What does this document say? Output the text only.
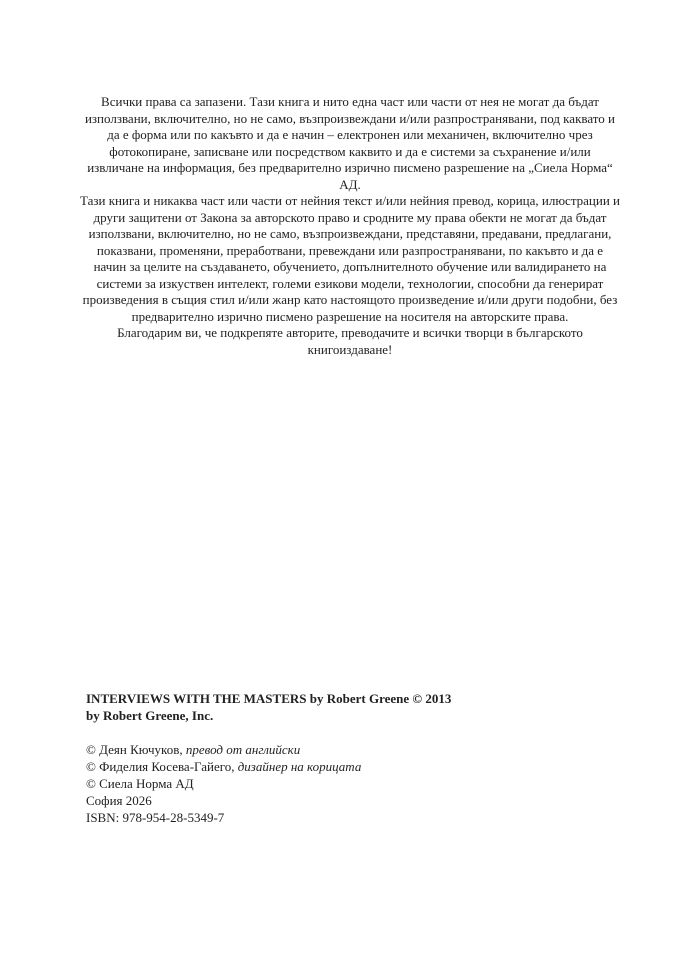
Всички права са запазени. Тази книга и нито една част или части от нея не могат да бъдат използвани, включително, но не само, възпроизвеждани и/или разпространявани, под каквато и да е форма или по какъвто и да е начин – електронен или механичен, включително чрез фотокопиране, записване или посредством каквито и да е системи за съхранение и/или извличане на информация, без предварително изрично писмено разрешение на „Сиела Норма“ АД.

Тази книга и никаква част или части от нейния текст и/или нейния превод, корица, илюстрации и други защитени от Закона за авторското право и сродните му права обекти не могат да бъдат използвани, включително, но не само, възпроизвеждани, представяни, предавани, предлагани, показвани, променяни, преработвани, превеждани или разпространявани, по какъвто и да е начин за целите на създаването, обучението, допълнителното обучение или валидирането на системи за изкуствен интелект, големи езикови модели, технологии, способни да генерират произведения в същия стил и/или жанр като настоящото произведение и/или други подобни, без предварително изрично писмено разрешение на носителя на авторските права.

Благодарим ви, че подкрепяте авторите, преводачите и всички творци в българското книгоиздаване!

INTERVIEWS WITH THE MASTERS by Robert Greene © 2013

by Robert Greene, Inc.

© Деян Кючуков, превод от английски

© Фиделия Косева-Гайего, дизайнер на корицата

© Сиела Норма АД

София 2026

ISBN: 978-954-28-5349-7
